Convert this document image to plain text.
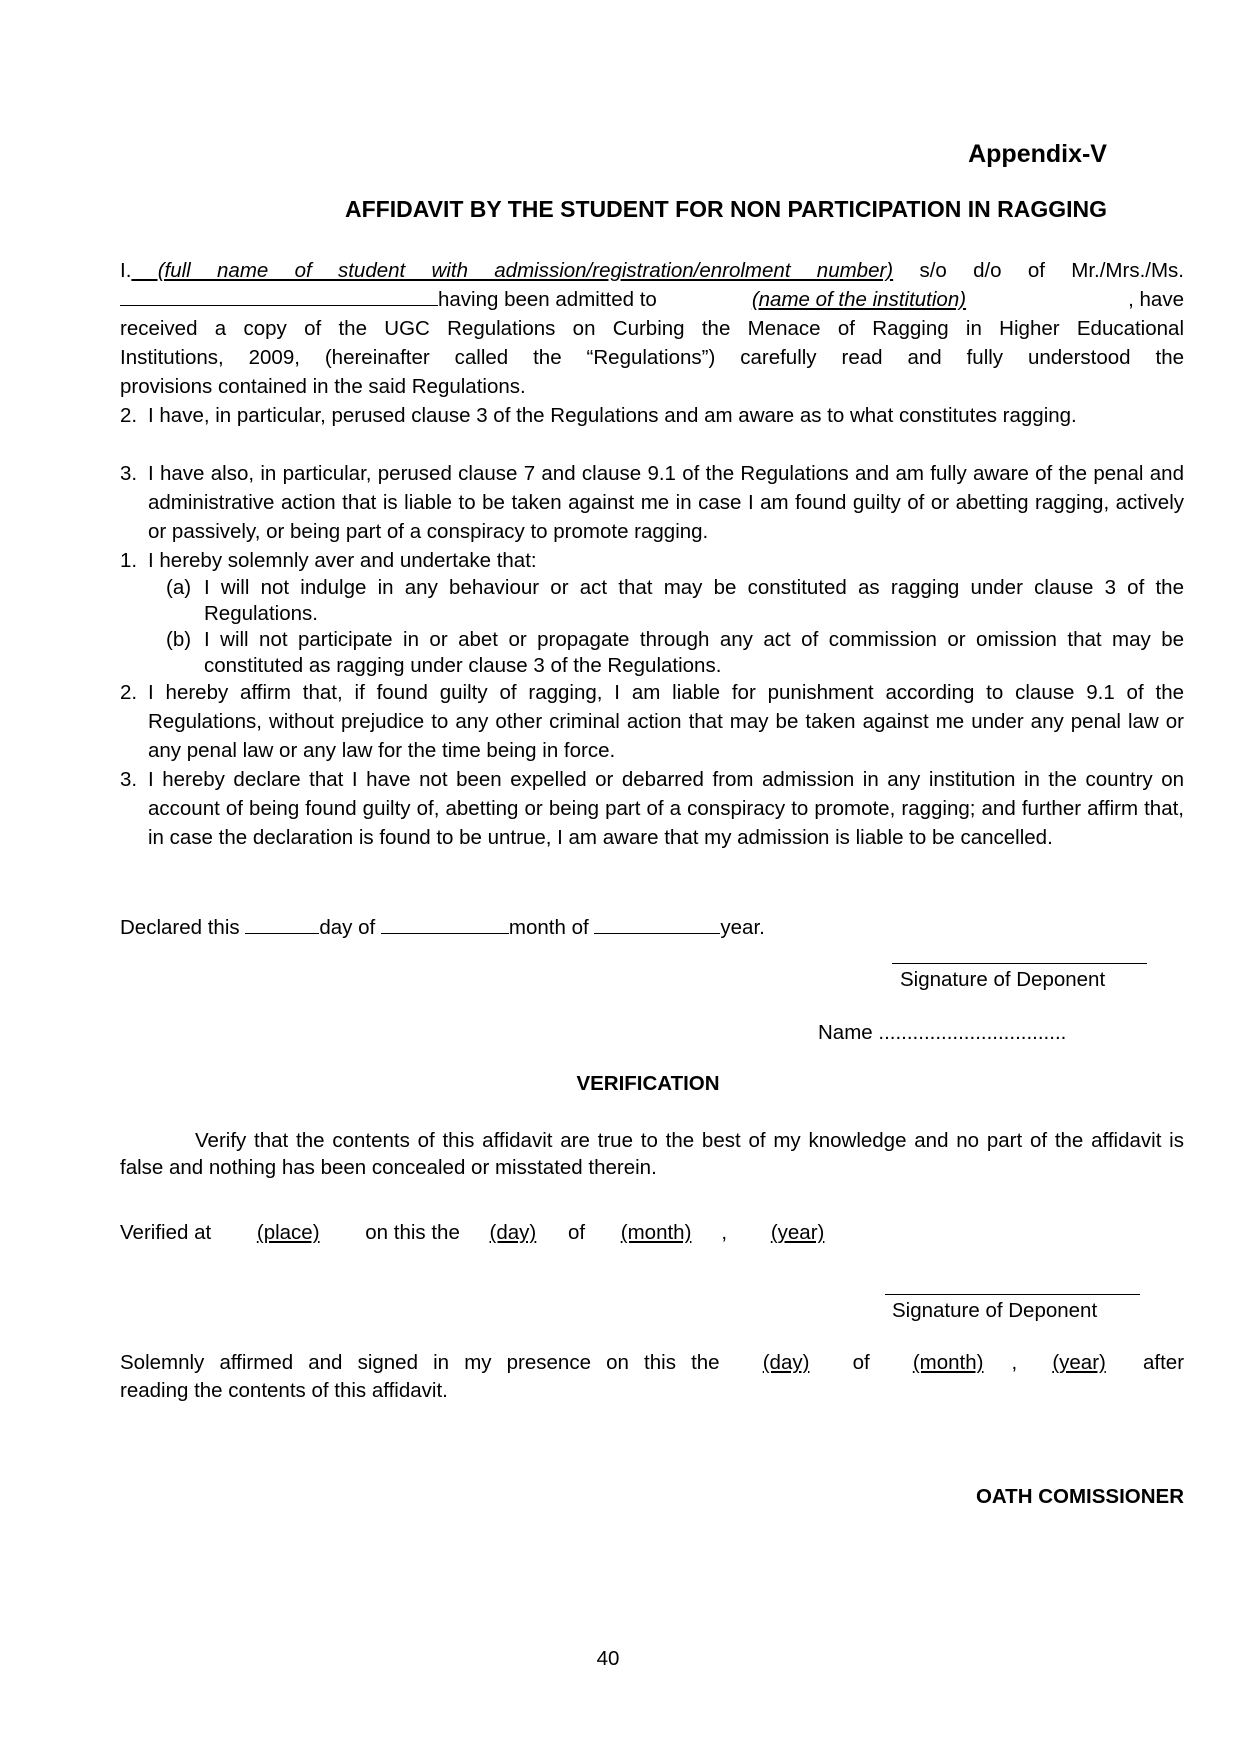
Appendix-V
AFFIDAVIT BY THE STUDENT FOR NON PARTICIPATION IN RAGGING
I. (full name of student with admission/registration/enrolment number) s/o d/o of Mr./Mrs./Ms.
having been admitted to	(name of the institution)	, have
received a copy of the UGC Regulations on Curbing the Menace of Ragging in Higher Educational
Institutions, 2009, (hereinafter called the “Regulations”) carefully read and fully understood the
provisions contained in the said Regulations.
2. I have, in particular, perused clause 3 of the Regulations and am aware as to what constitutes ragging.
3. I have also, in particular, perused clause 7 and clause 9.1 of the Regulations and am fully aware of the penal and administrative action that is liable to be taken against me in case I am found guilty of or abetting ragging, actively or passively, or being part of a conspiracy to promote ragging.
1. I hereby solemnly aver and undertake that:
(a) I will not indulge in any behaviour or act that may be constituted as ragging under clause 3 of the Regulations.
(b) I will not participate in or abet or propagate through any act of commission or omission that may be constituted as ragging under clause 3 of the Regulations.
2. I hereby affirm that, if found guilty of ragging, I am liable for punishment according to clause 9.1 of the Regulations, without prejudice to any other criminal action that may be taken against me under any penal law or any penal law or any law for the time being in force.
3. I hereby declare that I have not been expelled or debarred from admission in any institution in the country on account of being found guilty of, abetting or being part of a conspiracy to promote, ragging; and further affirm that, in case the declaration is found to be untrue, I am aware that my admission is liable to be cancelled.
Declared this	day of	month of	year.
Signature of Deponent
Name .................................
VERIFICATION
Verify that the contents of this affidavit are true to the best of my knowledge and no part of the affidavit is false and nothing has been concealed or misstated therein.
Verified at (place) on this the (day) of (month) , (year)
Signature of Deponent
Solemnly affirmed and signed in my presence on this the (day) of (month) , (year) after
reading the contents of this affidavit.
OATH COMISSIONER
40
